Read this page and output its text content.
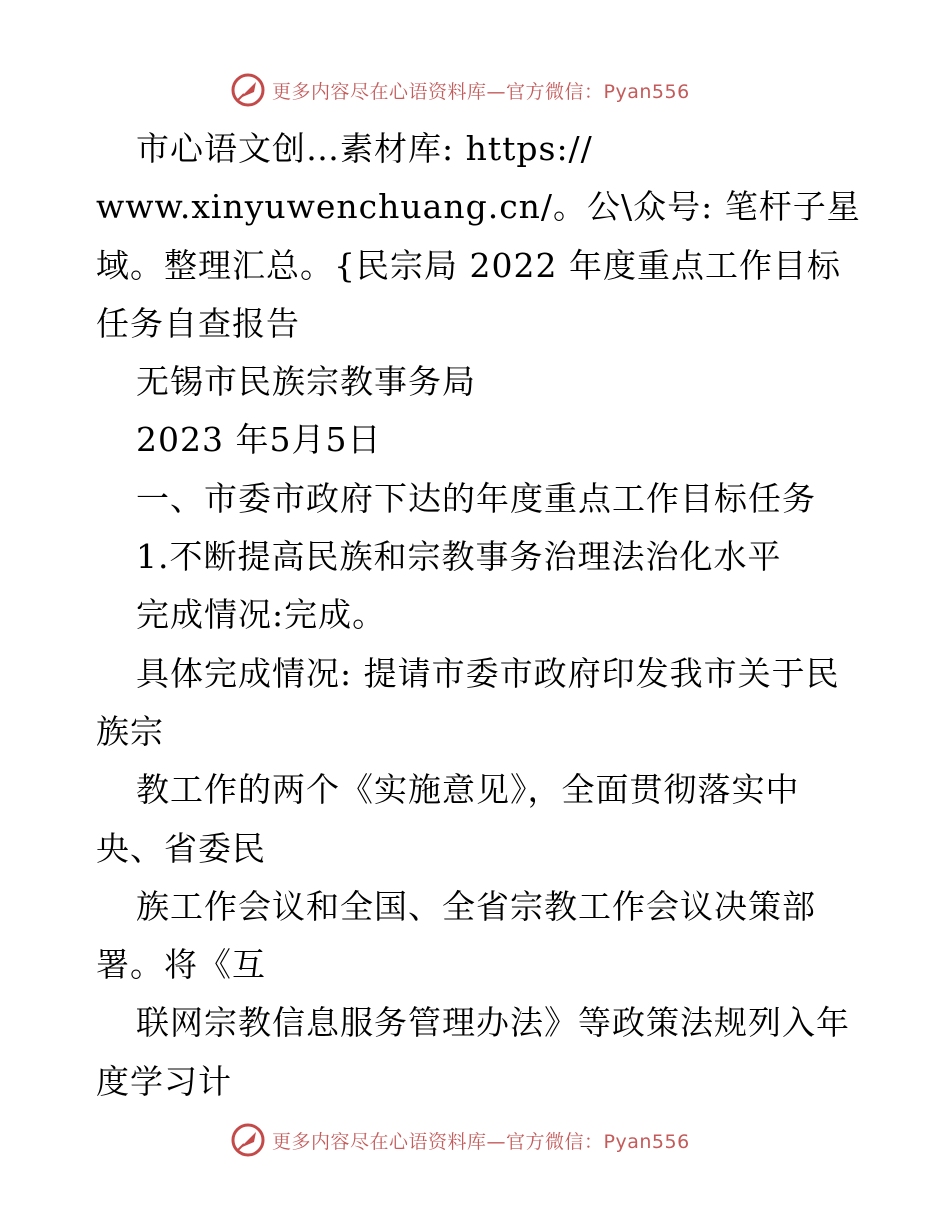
更多内容尽在心语资料库—官方微信：Pyan556
市心语文创…素材库: https://
www.xinyuwenchuang.cn/。公\众号: 笔杆子星
域。整理汇总。{民宗局 2022 年度重点工作目标
任务自查报告
无锡市民族宗教事务局
2023 年5月5日
一、市委市政府下达的年度重点工作目标任务
1.不断提高民族和宗教事务治理法治化水平
完成情况:完成。
具体完成情况: 提请市委市政府印发我市关于民
族宗
教工作的两个《实施意见》，全面贯彻落实中
央、省委民
族工作会议和全国、全省宗教工作会议决策部
署。将《互
联网宗教信息服务管理办法》等政策法规列入年
度学习计
更多内容尽在心语资料库—官方微信：Pyan556
